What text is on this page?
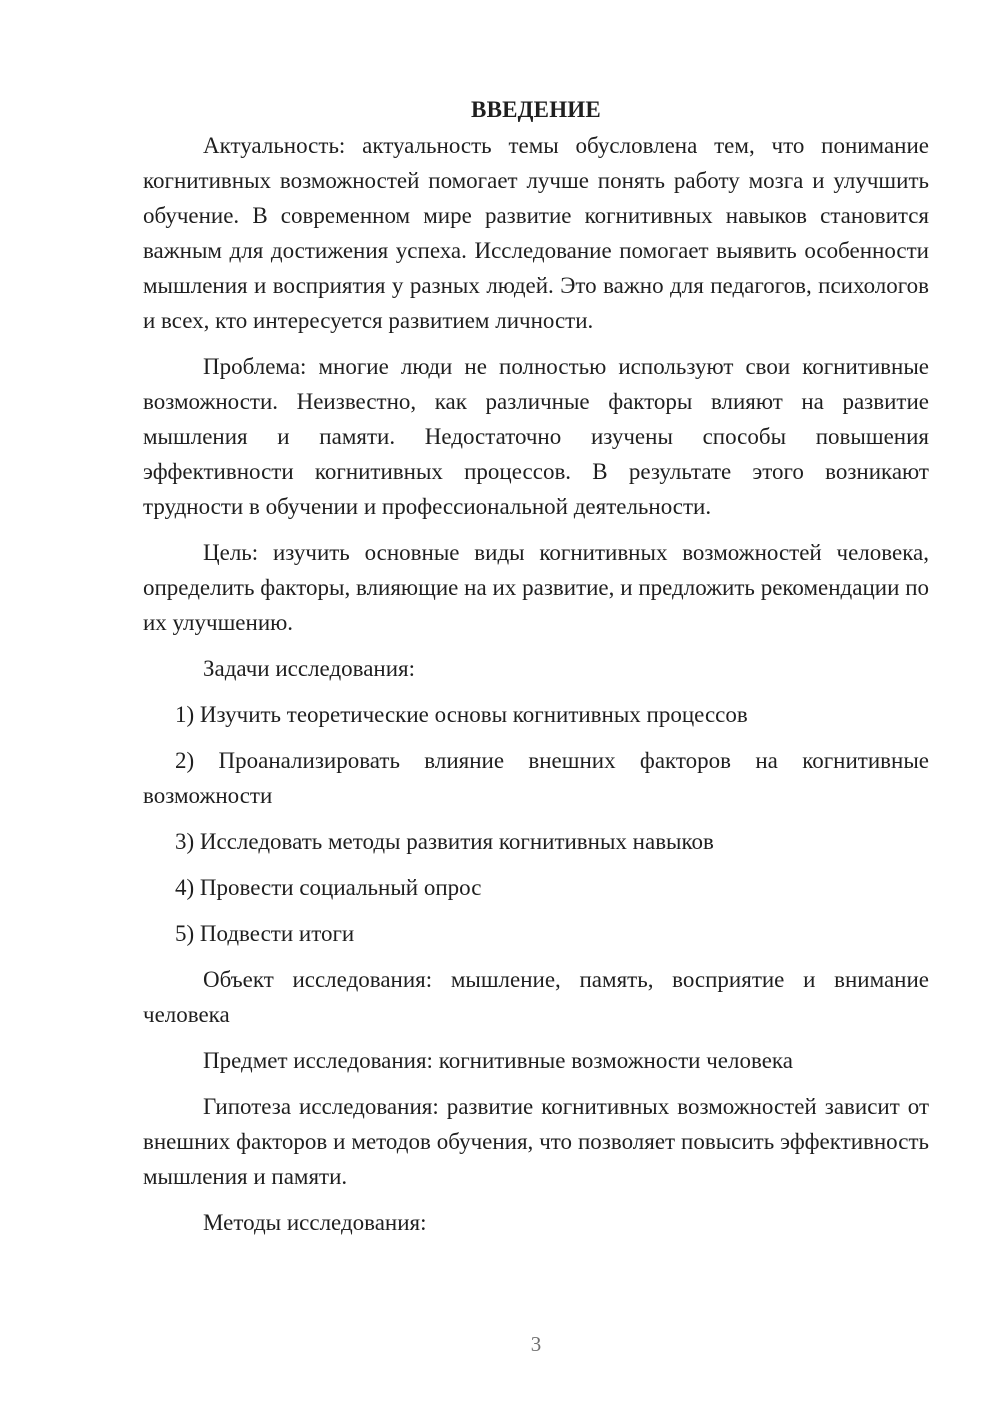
ВВЕДЕНИЕ

Актуальность: актуальность темы обусловлена тем, что понимание когнитивных возможностей помогает лучше понять работу мозга и улучшить обучение. В современном мире развитие когнитивных навыков становится важным для достижения успеха. Исследование помогает выявить особенности мышления и восприятия у разных людей. Это важно для педагогов, психологов и всех, кто интересуется развитием личности.

Проблема: многие люди не полностью используют свои когнитивные возможности. Неизвестно, как различные факторы влияют на развитие мышления и памяти. Недостаточно изучены способы повышения эффективности когнитивных процессов. В результате этого возникают трудности в обучении и профессиональной деятельности.

Цель: изучить основные виды когнитивных возможностей человека, определить факторы, влияющие на их развитие, и предложить рекомендации по их улучшению.

Задачи исследования:

1) Изучить теоретические основы когнитивных процессов

2) Проанализировать влияние внешних факторов на когнитивные возможности

3) Исследовать методы развития когнитивных навыков

4) Провести социальный опрос

5) Подвести итоги

Объект исследования: мышление, память, восприятие и внимание человека

Предмет исследования: когнитивные возможности человека

Гипотеза исследования: развитие когнитивных возможностей зависит от внешних факторов и методов обучения, что позволяет повысить эффективность мышления и памяти.

Методы исследования:

3
